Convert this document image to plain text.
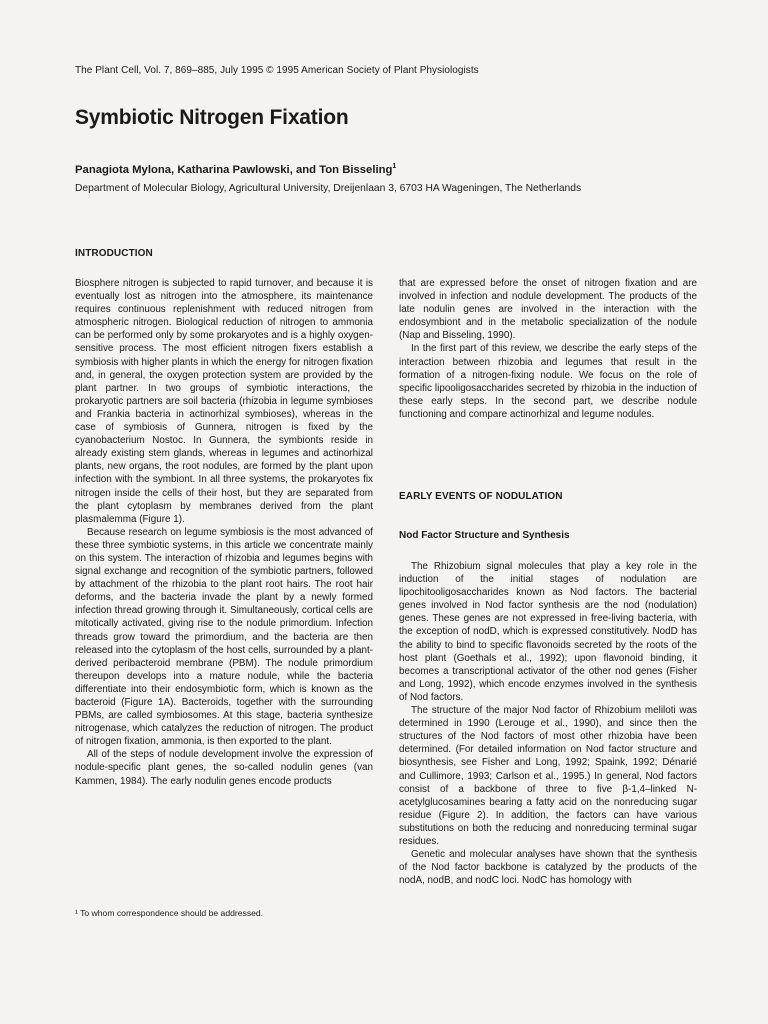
The Plant Cell, Vol. 7, 869–885, July 1995 © 1995 American Society of Plant Physiologists
Symbiotic Nitrogen Fixation
Panagiota Mylona, Katharina Pawlowski, and Ton Bisseling$^1$
Department of Molecular Biology, Agricultural University, Dreijenlaan 3, 6703 HA Wageningen, The Netherlands
INTRODUCTION

Biosphere nitrogen is subjected to rapid turnover, and because it is eventually lost as nitrogen into the atmosphere, its maintenance requires continuous replenishment with reduced nitrogen from atmospheric nitrogen. Biological reduction of nitrogen to ammonia can be performed only by some prokaryotes and is a highly oxygen-sensitive process. The most efficient nitrogen fixers establish a symbiosis with higher plants in which the energy for nitrogen fixation and, in general, the oxygen protection system are provided by the plant partner. In two groups of symbiotic interactions, the prokaryotic partners are soil bacteria (rhizobia in legume symbioses and Frankia bacteria in actinorhizal symbioses), whereas in the case of symbiosis of Gunnera, nitrogen is fixed by the cyanobacterium Nostoc. In Gunnera, the symbionts reside in already existing stem glands, whereas in legumes and actinorhizal plants, new organs, the root nodules, are formed by the plant upon infection with the symbiont. In all three systems, the prokaryotes fix nitrogen inside the cells of their host, but they are separated from the plant cytoplasm by membranes derived from the plant plasmalemma (Figure 1).

Because research on legume symbiosis is the most advanced of these three symbiotic systems, in this article we concentrate mainly on this system. The interaction of rhizobia and legumes begins with signal exchange and recognition of the symbiotic partners, followed by attachment of the rhizobia to the plant root hairs. The root hair deforms, and the bacteria invade the plant by a newly formed infection thread growing through it. Simultaneously, cortical cells are mitotically activated, giving rise to the nodule primordium. Infection threads grow toward the primordium, and the bacteria are then released into the cytoplasm of the host cells, surrounded by a plant-derived peribacteroid membrane (PBM). The nodule primordium thereupon develops into a mature nodule, while the bacteria differentiate into their endosymbiotic form, which is known as the bacteroid (Figure 1A). Bacteroids, together with the surrounding PBMs, are called symbiosomes. At this stage, bacteria synthesize nitrogenase, which catalyzes the reduction of nitrogen. The product of nitrogen fixation, ammonia, is then exported to the plant.

All of the steps of nodule development involve the expression of nodule-specific plant genes, the so-called nodulin genes (van Kammen, 1984). The early nodulin genes encode products

that are expressed before the onset of nitrogen fixation and are involved in infection and nodule development. The products of the late nodulin genes are involved in the interaction with the endosymbiont and in the metabolic specialization of the nodule (Nap and Bisseling, 1990).

In the first part of this review, we describe the early steps of the interaction between rhizobia and legumes that result in the formation of a nitrogen-fixing nodule. We focus on the role of specific lipooligosaccharides secreted by rhizobia in the induction of these early steps. In the second part, we describe nodule functioning and compare actinorhizal and legume nodules.

EARLY EVENTS OF NODULATION
Nod Factor Structure and Synthesis

The Rhizobium signal molecules that play a key role in the induction of the initial stages of nodulation are lipochitooligosaccharides known as Nod factors. The bacterial genes involved in Nod factor synthesis are the nod (nodulation) genes. These genes are not expressed in free-living bacteria, with the exception of nodD, which is expressed constitutively. NodD has the ability to bind to specific flavonoids secreted by the roots of the host plant (Goethals et al., 1992); upon flavonoid binding, it becomes a transcriptional activator of the other nod genes (Fisher and Long, 1992), which encode enzymes involved in the synthesis of Nod factors.

The structure of the major Nod factor of Rhizobium meliloti was determined in 1990 (Lerouge et al., 1990), and since then the structures of the Nod factors of most other rhizobia have been determined. (For detailed information on Nod factor structure and biosynthesis, see Fisher and Long, 1992; Spaink, 1992; Dénarié and Cullimore, 1993; Carlson et al., 1995.) In general, Nod factors consist of a backbone of three to five β-1,4–linked N-acetylglucosamines bearing a fatty acid on the nonreducing sugar residue (Figure 2). In addition, the factors can have various substitutions on both the reducing and nonreducing terminal sugar residues.

Genetic and molecular analyses have shown that the synthesis of the Nod factor backbone is catalyzed by the products of the nodA, nodB, and nodC loci. NodC has homology with

¹ To whom correspondence should be addressed.
